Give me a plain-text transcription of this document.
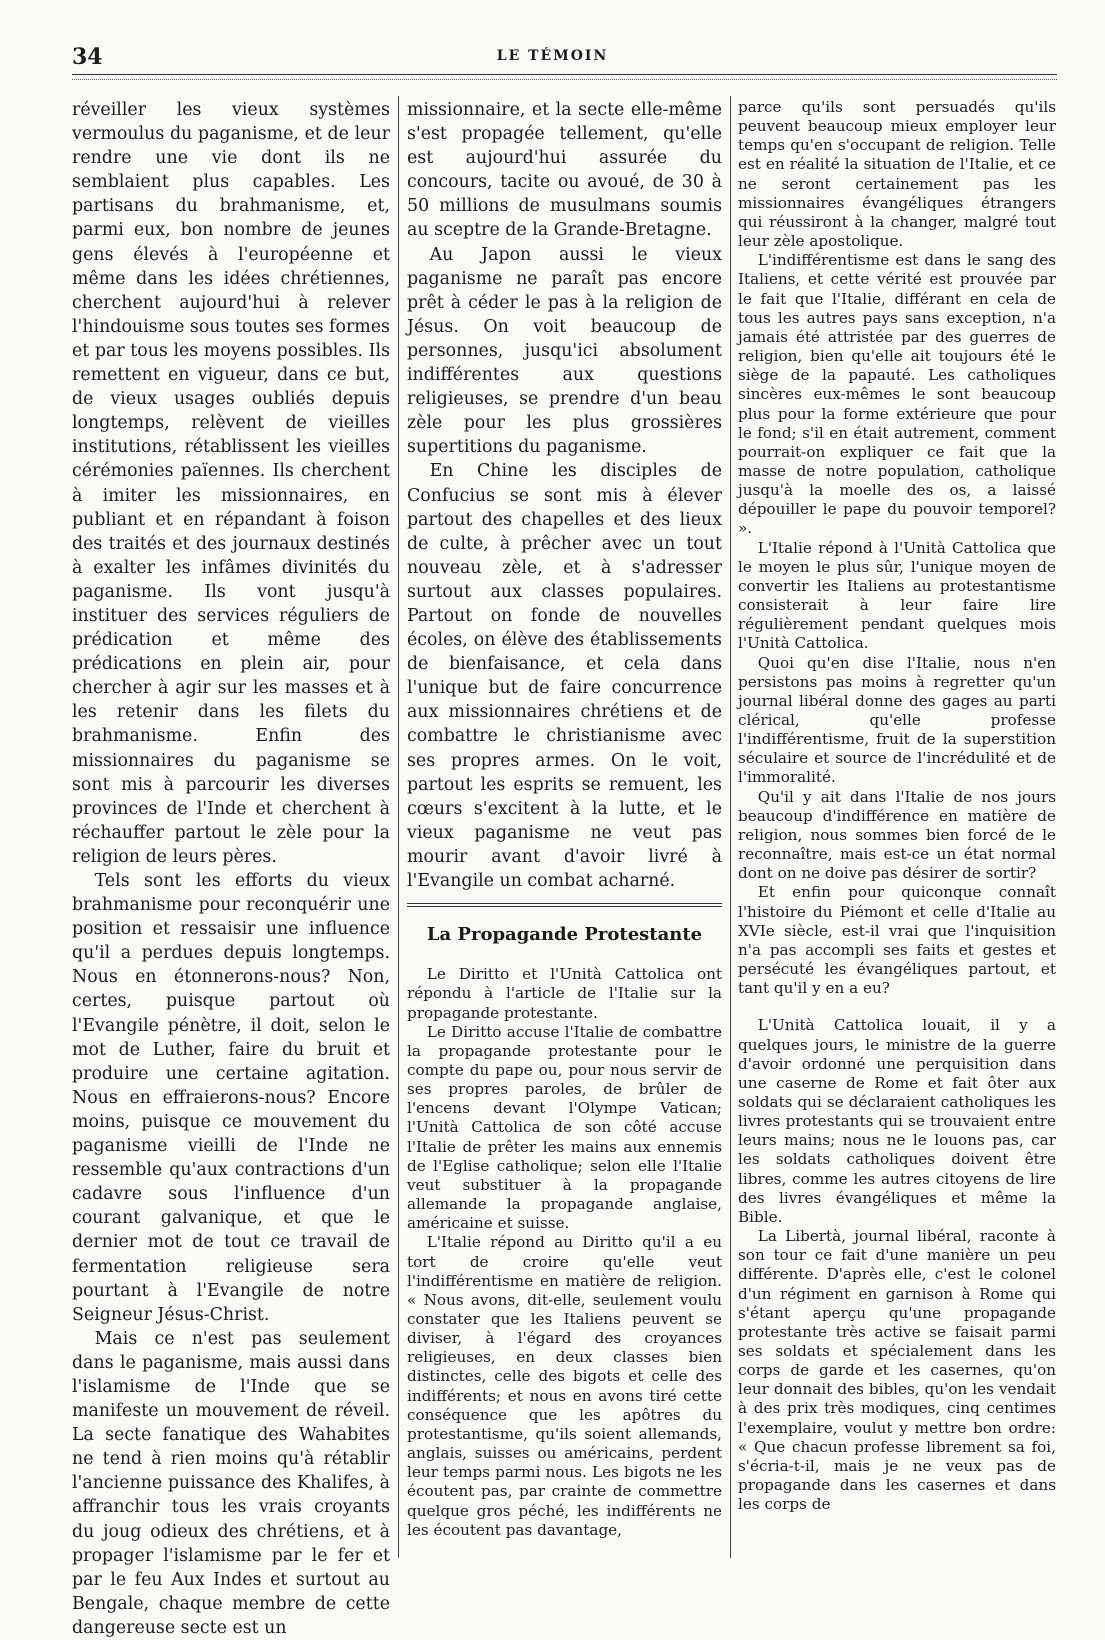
34	LE TÉMOIN

réveiller les vieux systèmes vermoulus du paganisme, et de leur rendre une vie dont ils ne semblaient plus capables. Les partisans du brahmanisme, et, parmi eux, bon nombre de jeunes gens élevés à l'européenne et même dans les idées chrétiennes, cherchent aujourd'hui à relever l'hindouisme sous toutes ses formes et par tous les moyens possibles. Ils remettent en vigueur, dans ce but, de vieux usages oubliés depuis longtemps, relèvent de vieilles institutions, rétablissent les vieilles cérémonies païennes. Ils cherchent à imiter les missionnaires, en publiant et en répandant à foison des traités et des journaux destinés à exalter les infâmes divinités du paganisme. Ils vont jusqu'à instituer des services réguliers de prédication et même des prédications en plein air, pour chercher à agir sur les masses et à les retenir dans les filets du brahmanisme. Enfin des missionnaires du paganisme se sont mis à parcourir les diverses provinces de l'Inde et cherchent à réchauffer partout le zèle pour la religion de leurs pères.

Tels sont les efforts du vieux brahmanisme pour reconquérir une position et ressaisir une influence qu'il a perdues depuis longtemps. Nous en étonnerons-nous? Non, certes, puisque partout où l'Evangile pénètre, il doit, selon le mot de Luther, faire du bruit et produire une certaine agitation. Nous en effraierons-nous? Encore moins, puisque ce mouvement du paganisme vieilli de l'Inde ne ressemble qu'aux contractions d'un cadavre sous l'influence d'un courant galvanique, et que le dernier mot de tout ce travail de fermentation religieuse sera pourtant à l'Evangile de notre Seigneur Jésus-Christ.

Mais ce n'est pas seulement dans le paganisme, mais aussi dans l'islamisme de l'Inde que se manifeste un mouvement de réveil. La secte fanatique des Wahabites ne tend à rien moins qu'à rétablir l'ancienne puissance des Khalifes, à affranchir tous les vrais croyants du joug odieux des chrétiens, et à propager l'islamisme par le fer et par le feu Aux Indes et surtout au Bengale, chaque membre de cette dangereuse secte est un

missionnaire, et la secte elle-même s'est propagée tellement, qu'elle est aujourd'hui assurée du concours, tacite ou avoué, de 30 à 50 millions de musulmans soumis au sceptre de la Grande-Bretagne.

Au Japon aussi le vieux paganisme ne paraît pas encore prêt à céder le pas à la religion de Jésus. On voit beaucoup de personnes, jusqu'ici absolument indifférentes aux questions religieuses, se prendre d'un beau zèle pour les plus grossières supertitions du paganisme.

En Chine les disciples de Confucius se sont mis à élever partout des chapelles et des lieux de culte, à prêcher avec un tout nouveau zèle, et à s'adresser surtout aux classes populaires. Partout on fonde de nouvelles écoles, on élève des établissements de bienfaisance, et cela dans l'unique but de faire concurrence aux missionnaires chrétiens et de combattre le christianisme avec ses propres armes. On le voit, partout les esprits se remuent, les cœurs s'excitent à la lutte, et le vieux paganisme ne veut pas mourir avant d'avoir livré à l'Evangile un combat acharné.

La Propagande Protestante

Le Diritto et l'Unità Cattolica ont répondu à l'article de l'Italie sur la propagande protestante.

Le Diritto accuse l'Italie de combattre la propagande protestante pour le compte du pape ou, pour nous servir de ses propres paroles, de brûler de l'encens devant l'Olympe Vatican; l'Unità Cattolica de son côté accuse l'Italie de prêter les mains aux ennemis de l'Eglise catholique; selon elle l'Italie veut substituer à la propagande allemande la propagande anglaise, américaine et suisse.

L'Italie répond au Diritto qu'il a eu tort de croire qu'elle veut l'indifférentisme en matière de religion. « Nous avons, dit-elle, seulement voulu constater que les Italiens peuvent se diviser, à l'égard des croyances religieuses, en deux classes bien distinctes, celle des bigots et celle des indifférents; et nous en avons tiré cette conséquence que les apôtres du protestantisme, qu'ils soient allemands, anglais, suisses ou américains, perdent leur temps parmi nous. Les bigots ne les écoutent pas, par crainte de commettre quelque gros péché, les indifférents ne les écoutent pas davantage,

parce qu'ils sont persuadés qu'ils peuvent beaucoup mieux employer leur temps qu'en s'occupant de religion. Telle est en réalité la situation de l'Italie, et ce ne seront certainement pas les missionnaires évangéliques étrangers qui réussiront à la changer, malgré tout leur zèle apostolique.

L'indifférentisme est dans le sang des Italiens, et cette vérité est prouvée par le fait que l'Italie, différant en cela de tous les autres pays sans exception, n'a jamais été attristée par des guerres de religion, bien qu'elle ait toujours été le siège de la papauté. Les catholiques sincères eux-mêmes le sont beaucoup plus pour la forme extérieure que pour le fond; s'il en était autrement, comment pourrait-on expliquer ce fait que la masse de notre population, catholique jusqu'à la moelle des os, a laissé dépouiller le pape du pouvoir temporel? ».

L'Italie répond à l'Unità Cattolica que le moyen le plus sûr, l'unique moyen de convertir les Italiens au protestantisme consisterait à leur faire lire régulièrement pendant quelques mois l'Unità Cattolica.

Quoi qu'en dise l'Italie, nous n'en persistons pas moins à regretter qu'un journal libéral donne des gages au parti clérical, qu'elle professe l'indifférentisme, fruit de la superstition séculaire et source de l'incrédulité et de l'immoralité.

Qu'il y ait dans l'Italie de nos jours beaucoup d'indifférence en matière de religion, nous sommes bien forcé de le reconnaître, mais est-ce un état normal dont on ne doive pas désirer de sortir?

Et enfin pour quiconque connaît l'histoire du Piémont et celle d'Italie au XVIe siècle, est-il vrai que l'inquisition n'a pas accompli ses faits et gestes et persécuté les évangéliques partout, et tant qu'il y en a eu?

L'Unità Cattolica louait, il y a quelques jours, le ministre de la guerre d'avoir ordonné une perquisition dans une caserne de Rome et fait ôter aux soldats qui se déclaraient catholiques les livres protestants qui se trouvaient entre leurs mains; nous ne le louons pas, car les soldats catholiques doivent être libres, comme les autres citoyens de lire des livres évangéliques et même la Bible.

La Libertà, journal libéral, raconte à son tour ce fait d'une manière un peu différente. D'après elle, c'est le colonel d'un régiment en garnison à Rome qui s'étant aperçu qu'une propagande protestante très active se faisait parmi ses soldats et spécialement dans les corps de garde et les casernes, qu'on leur donnait des bibles, qu'on les vendait à des prix très modiques, cinq centimes l'exemplaire, voulut y mettre bon ordre: « Que chacun professe librement sa foi, s'écria-t-il, mais je ne veux pas de propagande dans les casernes et dans les corps de
